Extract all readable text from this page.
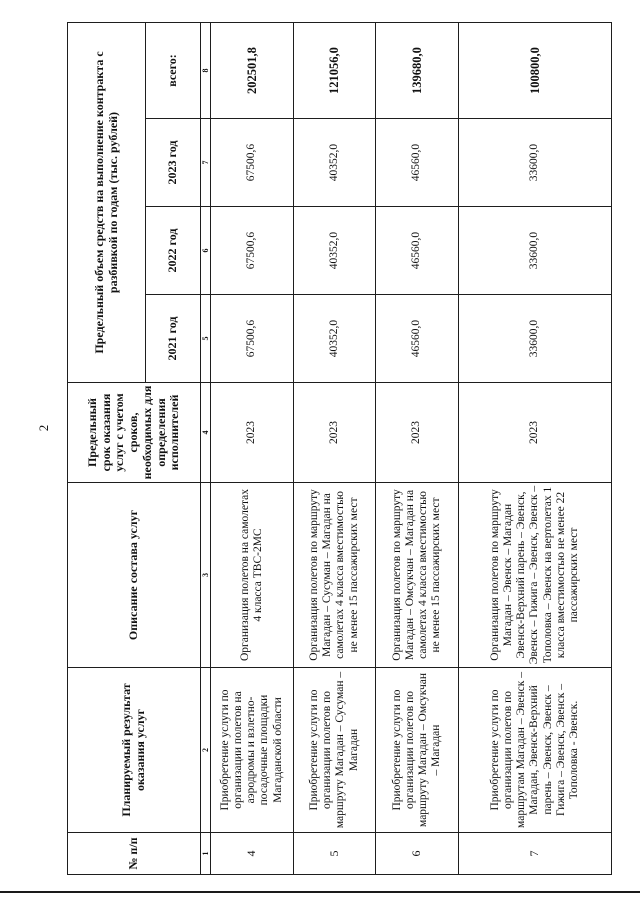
2
№ п/п	Планируемый результат оказания услуг	Описание состава услуг	Предельный срок оказания услуг с учетом сроков, необходимых для определения исполнителей	Предельный объем средств на выполнение контракта с разбивкой по годам (тыс. рублей)			
				2021 год	2022 год	2023 год	всего:
1	2	3	4	5	6	7	8
4	Приобретение услуги по организации полетов на аэродромы и взлетно-посадочные площадки Магаданской области	Организация полетов на самолетах 4 класса ТВС-2МС	2023	67500,6	67500,6	67500,6	202501,8
5	Приобретение услуги по организации полетов по маршруту Магадан – Сусуман – Магадан	Организация полетов по маршруту Магадан – Сусуман – Магадан на самолетах 4 класса вместимостью не менее 15 пассажирских мест	2023	40352,0	40352,0	40352,0	121056,0
6	Приобретение услуги по организации полетов по маршруту Магадан – Омсукчан – Магадан	Организация полетов по маршруту Магадан – Омсукчан – Магадан на самолетах 4 класса вместимостью не менее 15 пассажирских мест	2023	46560,0	46560,0	46560,0	139680,0
7	Приобретение услуги по организации полетов по маршрутам Магадан – Эвенск – Магадан, Эвенск-Верхний парень – Эвенск, Эвенск – Гижига – Эвенск, Эвенск – Тополовка - Эвенск.	Организация полетов по маршруту Магадан – Эвенск – Магадан Эвенск-Верхний парень – Эвенск, Эвенск – Гижига – Эвенск, Эвенск – Тополовка – Эвенск на вертолетах 1 класса вместимостью не менее 22 пассажирских мест	2023	33600,0	33600,0	33600,0	100800,0
